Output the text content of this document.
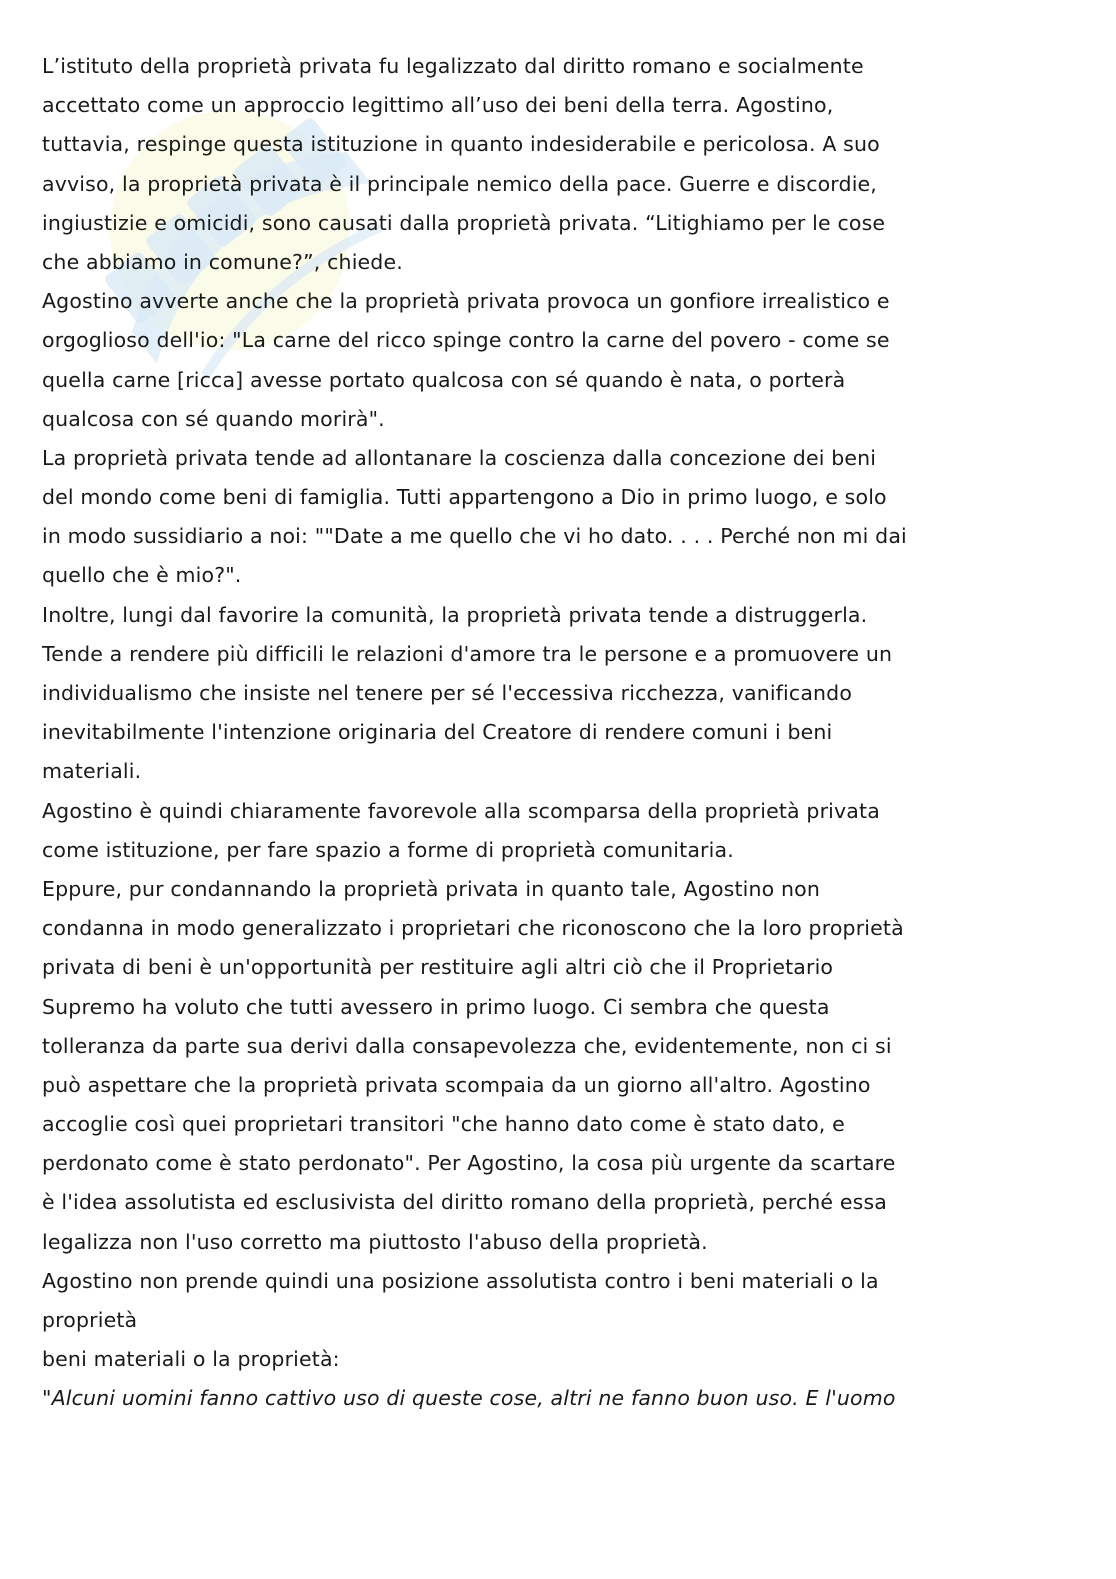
L’istituto della proprietà privata fu legalizzato dal diritto romano e socialmente
accettato come un approccio legittimo all’uso dei beni della terra. Agostino,
tuttavia, respinge questa istituzione in quanto indesiderabile e pericolosa. A suo
avviso, la proprietà privata è il principale nemico della pace. Guerre e discordie,
ingiustizie e omicidi, sono causati dalla proprietà privata. “Litighiamo per le cose
che abbiamo in comune?”, chiede.
Agostino avverte anche che la proprietà privata provoca un gonfiore irrealistico e
orgoglioso dell'io: "La carne del ricco spinge contro la carne del povero - come se
quella carne [ricca] avesse portato qualcosa con sé quando è nata, o porterà
qualcosa con sé quando morirà".
La proprietà privata tende ad allontanare la coscienza dalla concezione dei beni
del mondo come beni di famiglia. Tutti appartengono a Dio in primo luogo, e solo
in modo sussidiario a noi: ""Date a me quello che vi ho dato. . . . Perché non mi dai
quello che è mio?".
Inoltre, lungi dal favorire la comunità, la proprietà privata tende a distruggerla.
Tende a rendere più difficili le relazioni d'amore tra le persone e a promuovere un
individualismo che insiste nel tenere per sé l'eccessiva ricchezza, vanificando
inevitabilmente l'intenzione originaria del Creatore di rendere comuni i beni
materiali.
Agostino è quindi chiaramente favorevole alla scomparsa della proprietà privata
come istituzione, per fare spazio a forme di proprietà comunitaria.
Eppure, pur condannando la proprietà privata in quanto tale, Agostino non
condanna in modo generalizzato i proprietari che riconoscono che la loro proprietà
privata di beni è un'opportunità per restituire agli altri ciò che il Proprietario
Supremo ha voluto che tutti avessero in primo luogo. Ci sembra che questa
tolleranza da parte sua derivi dalla consapevolezza che, evidentemente, non ci si
può aspettare che la proprietà privata scompaia da un giorno all'altro. Agostino
accoglie così quei proprietari transitori "che hanno dato come è stato dato, e
perdonato come è stato perdonato". Per Agostino, la cosa più urgente da scartare
è l'idea assolutista ed esclusivista del diritto romano della proprietà, perché essa
legalizza non l'uso corretto ma piuttosto l'abuso della proprietà.
Agostino non prende quindi una posizione assolutista contro i beni materiali o la
proprietà
beni materiali o la proprietà:
"Alcuni uomini fanno cattivo uso di queste cose, altri ne fanno buon uso. E l'uomo
